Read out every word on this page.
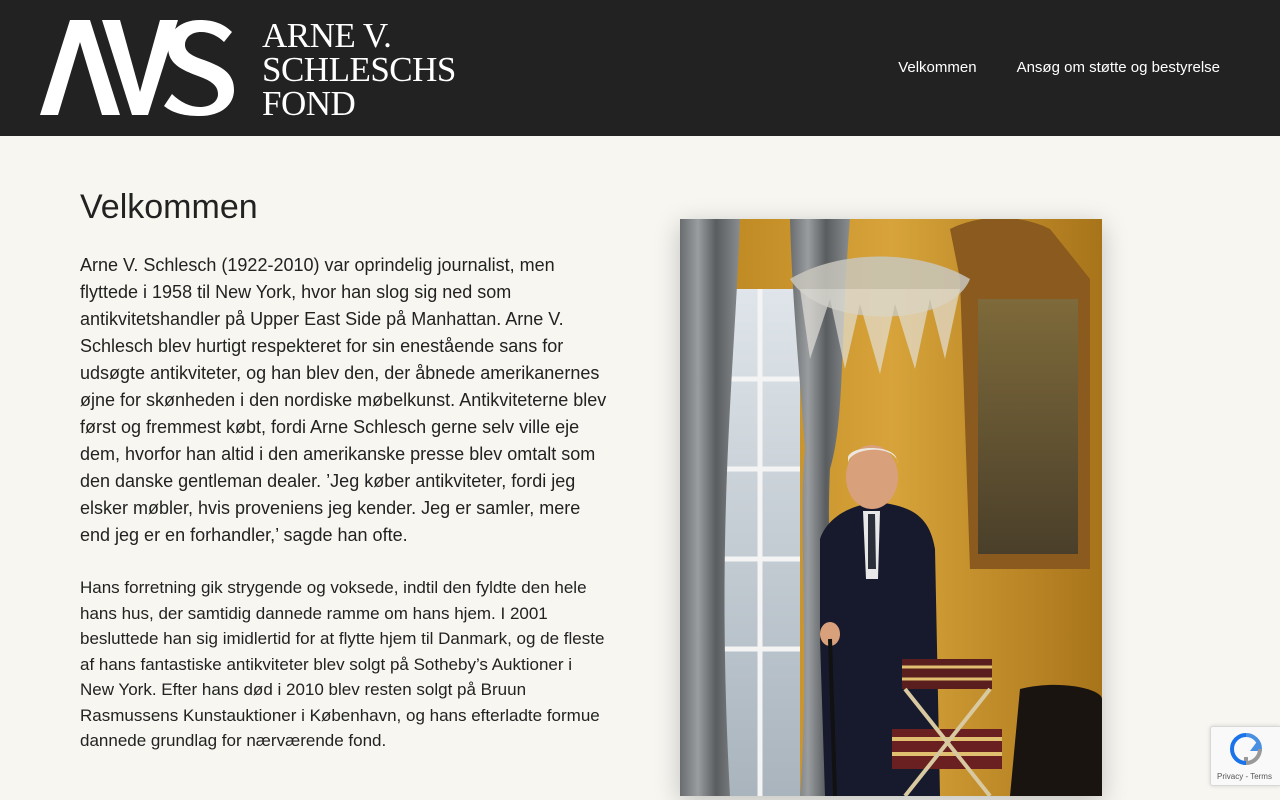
ARNE V.
SCHLESCHS
FOND
Velkommen	Ansøg om støtte og bestyrelse
Velkommen

Arne V. Schlesch (1922-2010) var oprindelig journalist, men flyttede i 1958 til New York, hvor han slog sig ned som antikvitetshandler på Upper East Side på Manhattan. Arne V. Schlesch blev hurtigt respekteret for sin enestående sans for udsøgte antikviteter, og han blev den, der åbnede amerikanernes øjne for skønheden i den nordiske møbelkunst. Antikviteterne blev først og fremmest købt, fordi Arne Schlesch gerne selv ville eje dem, hvorfor han altid i den amerikanske presse blev omtalt som den danske gentleman dealer. ’Jeg køber antikviteter, fordi jeg elsker møbler, hvis proveniens jeg kender. Jeg er samler, mere end jeg er en forhandler,’ sagde han ofte.

Hans forretning gik strygende og voksede, indtil den fyldte den hele hans hus, der samtidig dannede ramme om hans hjem. I 2001 besluttede han sig imidlertid for at flytte hjem til Danmark, og de fleste af hans fantastiske antikviteter blev solgt på Sotheby’s Auktioner i New York. Efter hans død i 2010 blev resten solgt på Bruun Rasmussens Kunstauktioner i København, og hans efterladte formue dannede grundlag for nærværende fond.

Privacy - Terms
